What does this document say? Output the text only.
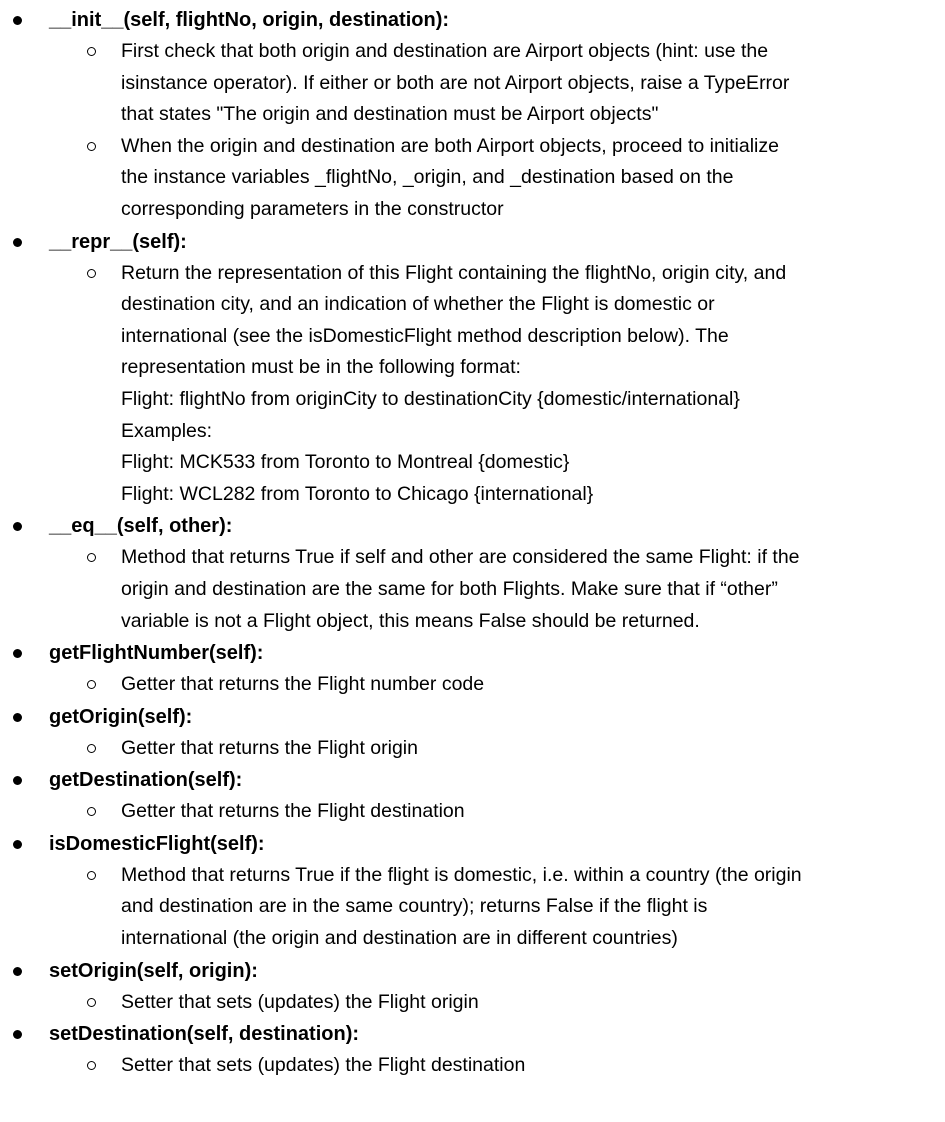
__init__(self, flightNo, origin, destination):
First check that both origin and destination are Airport objects (hint: use the
isinstance operator). If either or both are not Airport objects, raise a TypeError
that states "The origin and destination must be Airport objects"
When the origin and destination are both Airport objects, proceed to initialize
the instance variables _flightNo, _origin, and _destination based on the
corresponding parameters in the constructor
__repr__(self):
Return the representation of this Flight containing the flightNo, origin city, and
destination city, and an indication of whether the Flight is domestic or
international (see the isDomesticFlight method description below). The
representation must be in the following format:
Flight: flightNo from originCity to destinationCity {domestic/international}
Examples:
Flight: MCK533 from Toronto to Montreal {domestic}
Flight: WCL282 from Toronto to Chicago {international}
__eq__(self, other):
Method that returns True if self and other are considered the same Flight: if the
origin and destination are the same for both Flights. Make sure that if “other”
variable is not a Flight object, this means False should be returned.
getFlightNumber(self):
Getter that returns the Flight number code
getOrigin(self):
Getter that returns the Flight origin
getDestination(self):
Getter that returns the Flight destination
isDomesticFlight(self):
Method that returns True if the flight is domestic, i.e. within a country (the origin
and destination are in the same country); returns False if the flight is
international (the origin and destination are in different countries)
setOrigin(self, origin):
Setter that sets (updates) the Flight origin
setDestination(self, destination):
Setter that sets (updates) the Flight destination
